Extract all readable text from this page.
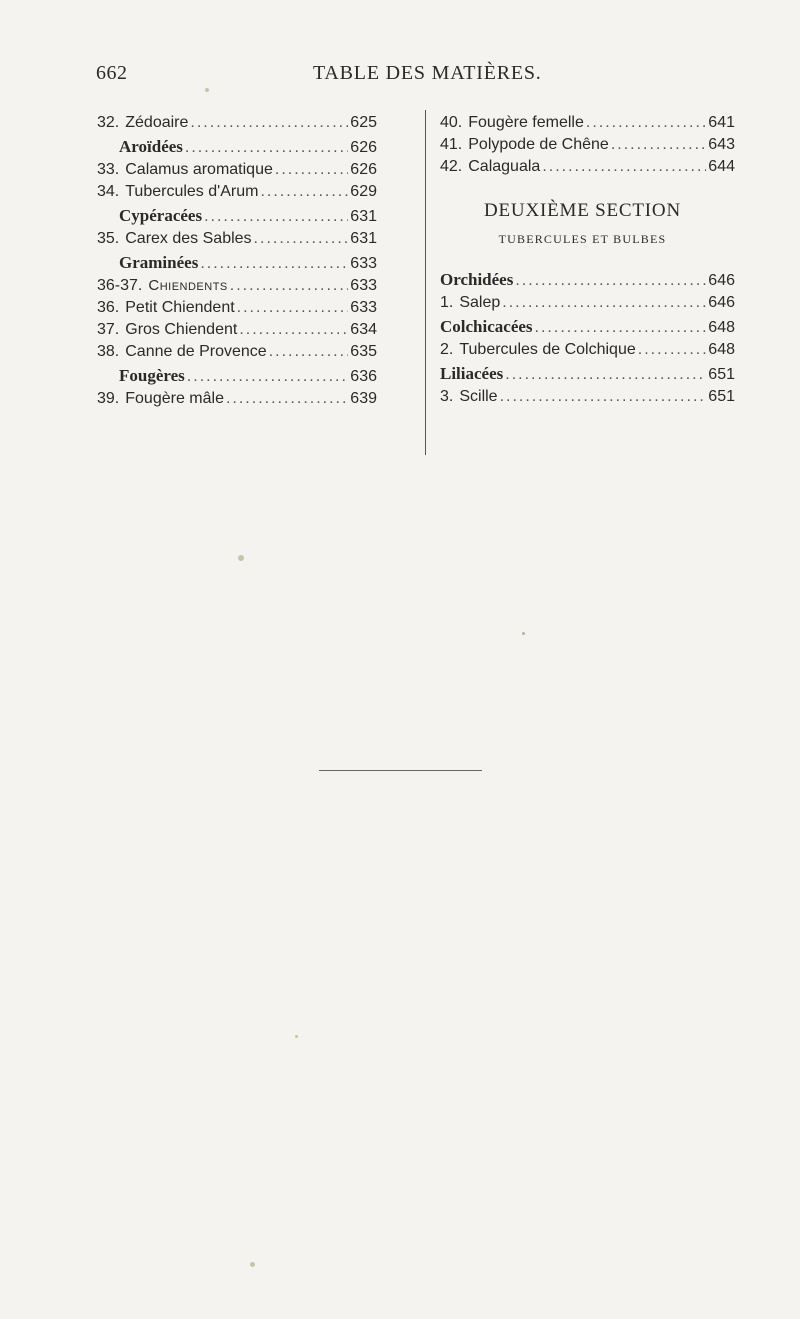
662	TABLE DES MATIÈRES.
32. Zédoaire .....	625
Aroïdées .....	626
33. Calamus aromatique .....	626
34. Tubercules d'Arum .....	629
Cypéracées .....	631
35. Carex des Sables .....	631
Graminées .....	633
36-37. Chiendents .....	633
36. Petit Chiendent .....	633
37. Gros Chiendent .....	634
38. Canne de Provence .....	635
Fougères .....	636
39. Fougère mâle .....	639
40. Fougère femelle .....	641
41. Polypode de Chêne .....	643
42. Calaguala .....	644
DEUXIÈME SECTION
TUBERCULES ET BULBES
Orchidées .....	646
1. Salep .....	646
Colchicacées .....	648
2. Tubercules de Colchique .....	648
Liliacées .....	651
3. Scille .....	651
